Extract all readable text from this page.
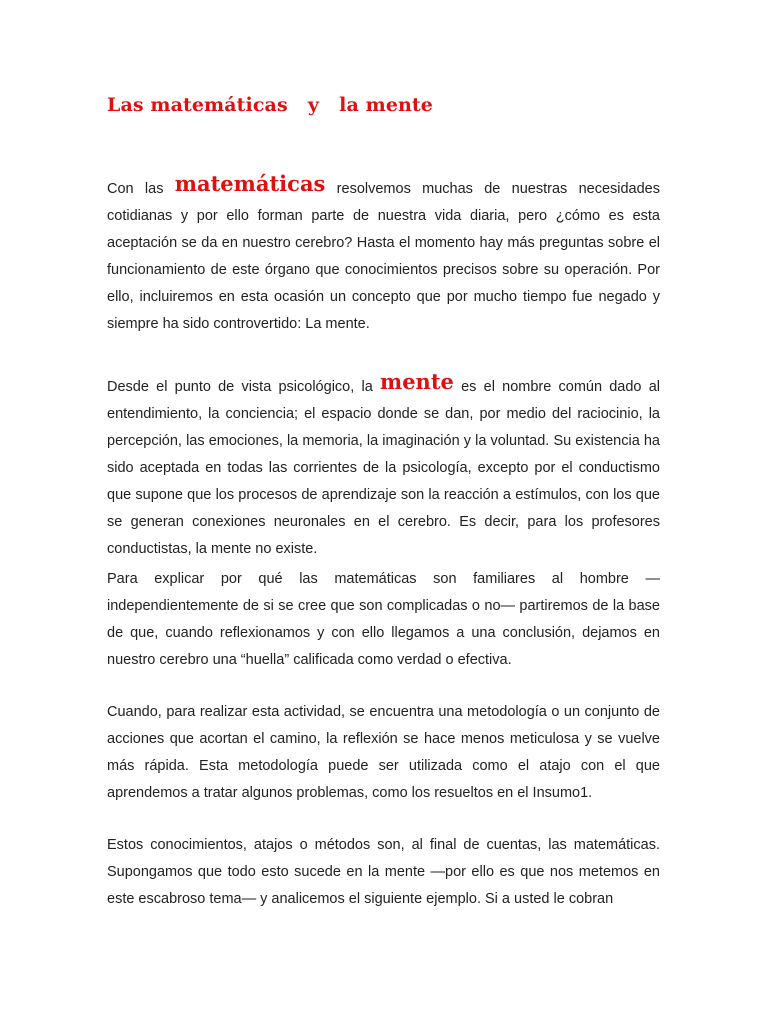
Las matemáticas   y   la mente

Con las matemáticas resolvemos muchas de nuestras necesidades cotidianas y por ello forman parte de nuestra vida diaria, pero ¿cómo es esta aceptación se da en nuestro cerebro? Hasta el momento hay más preguntas sobre el funcionamiento de este órgano que conocimientos precisos sobre su operación. Por ello, incluiremos en esta ocasión un concepto que por mucho tiempo fue negado y siempre ha sido controvertido: La mente.

Desde el punto de vista psicológico, la mente es el nombre común dado al entendimiento, la conciencia; el espacio donde se dan, por medio del raciocinio, la percepción, las emociones, la memoria, la imaginación y la voluntad. Su existencia ha sido aceptada en todas las corrientes de la psicología, excepto por el conductismo que supone que los procesos de aprendizaje son la reacción a estímulos, con los que se generan conexiones neuronales en el cerebro. Es decir, para los profesores conductistas, la mente no existe.

Para explicar por qué las matemáticas son familiares al hombre —independientemente de si se cree que son complicadas o no— partiremos de la base de que, cuando reflexionamos y con ello llegamos a una conclusión, dejamos en nuestro cerebro una “huella” calificada como verdad o efectiva.

Cuando, para realizar esta actividad, se encuentra una metodología o un conjunto de acciones que acortan el camino, la reflexión se hace menos meticulosa y se vuelve más rápida. Esta metodología puede ser utilizada como el atajo con el que aprendemos a tratar algunos problemas, como los resueltos en el Insumo1.

Estos conocimientos, atajos o métodos son, al final de cuentas, las matemáticas. Supongamos que todo esto sucede en la mente —por ello es que nos metemos en este escabroso tema— y analicemos el siguiente ejemplo. Si a usted le cobran
